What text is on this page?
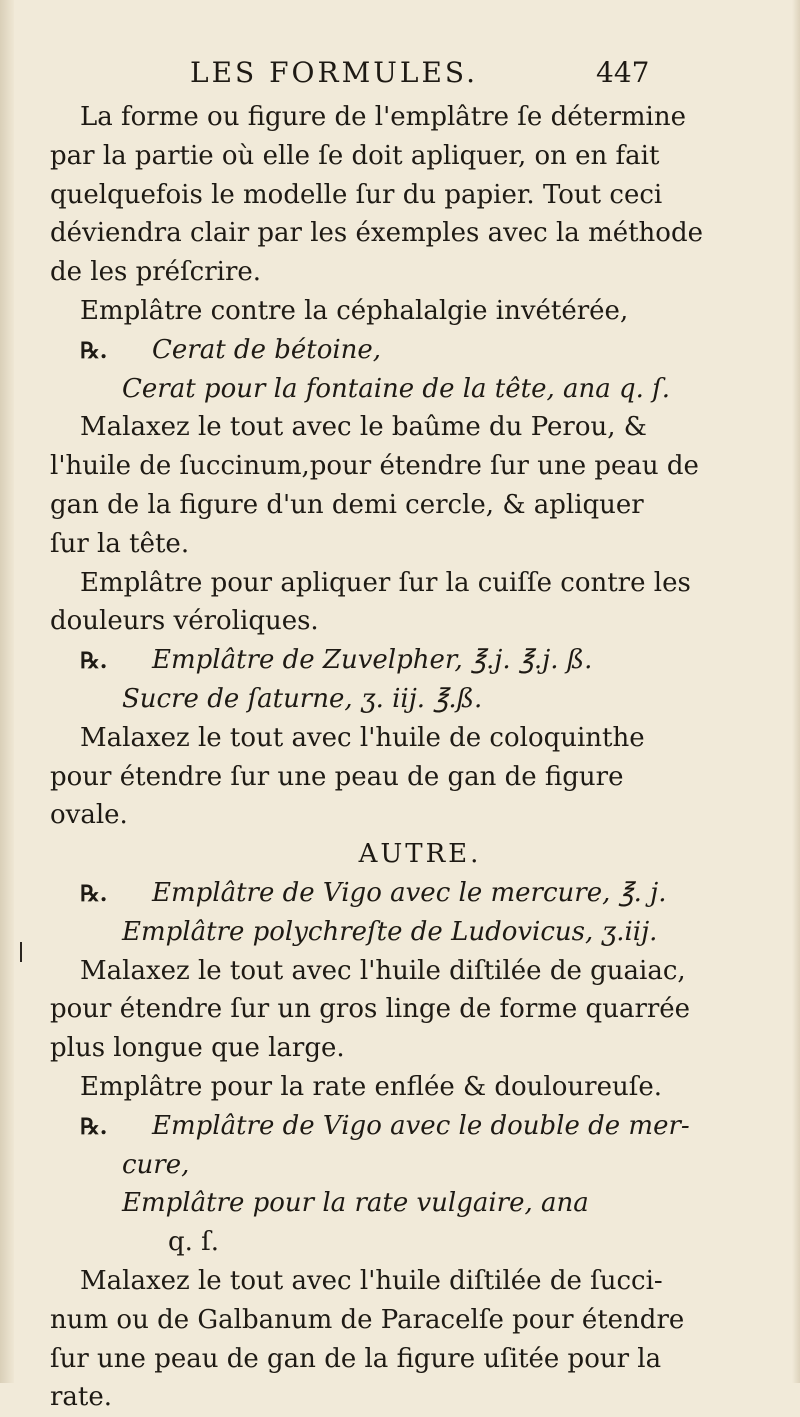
LES FORMULES.	447
La forme ou figure de l'emplâtre ſe détermine
par la partie où elle ſe doit apliquer, on en fait
quelquefois le modelle ſur du papier. Tout ceci
déviendra clair par les éxemples avec la méthode
de les préſcrire.
Emplâtre contre la céphalalgie invétérée,
℞. Cerat de bétoine,
Cerat pour la fontaine de la tête, ana q. ſ.
Malaxez le tout avec le baûme du Perou, &
l'huile de ſuccinum,pour étendre ſur une peau de
gan de la figure d'un demi cercle, & apliquer
ſur la tête.
Emplâtre pour apliquer ſur la cuiſſe contre les
douleurs véroliques.
℞. Emplâtre de Zuvelpher, ℥.j. ℥.j. ß.
Sucre de ſaturne, ʒ. iij. ℥.ß.
Malaxez le tout avec l'huile de coloquinthe
pour étendre ſur une peau de gan de figure
ovale.
AUTRE.
℞. Emplâtre de Vigo avec le mercure, ℥. j.
Emplâtre polychreſte de Ludovicus, ʒ.iij.
Malaxez le tout avec l'huile diſtilée de guaiac,
pour étendre ſur un gros linge de forme quarrée
plus longue que large.
Emplâtre pour la rate enflée & douloureuſe.
℞. Emplâtre de Vigo avec le double de mer-
cure,
Emplâtre pour la rate vulgaire, ana
q. ſ.
Malaxez le tout avec l'huile diſtilée de ſucci-
num ou de Galbanum de Paracelſe pour étendre
ſur une peau de gan de la figure uſitée pour la
rate.
